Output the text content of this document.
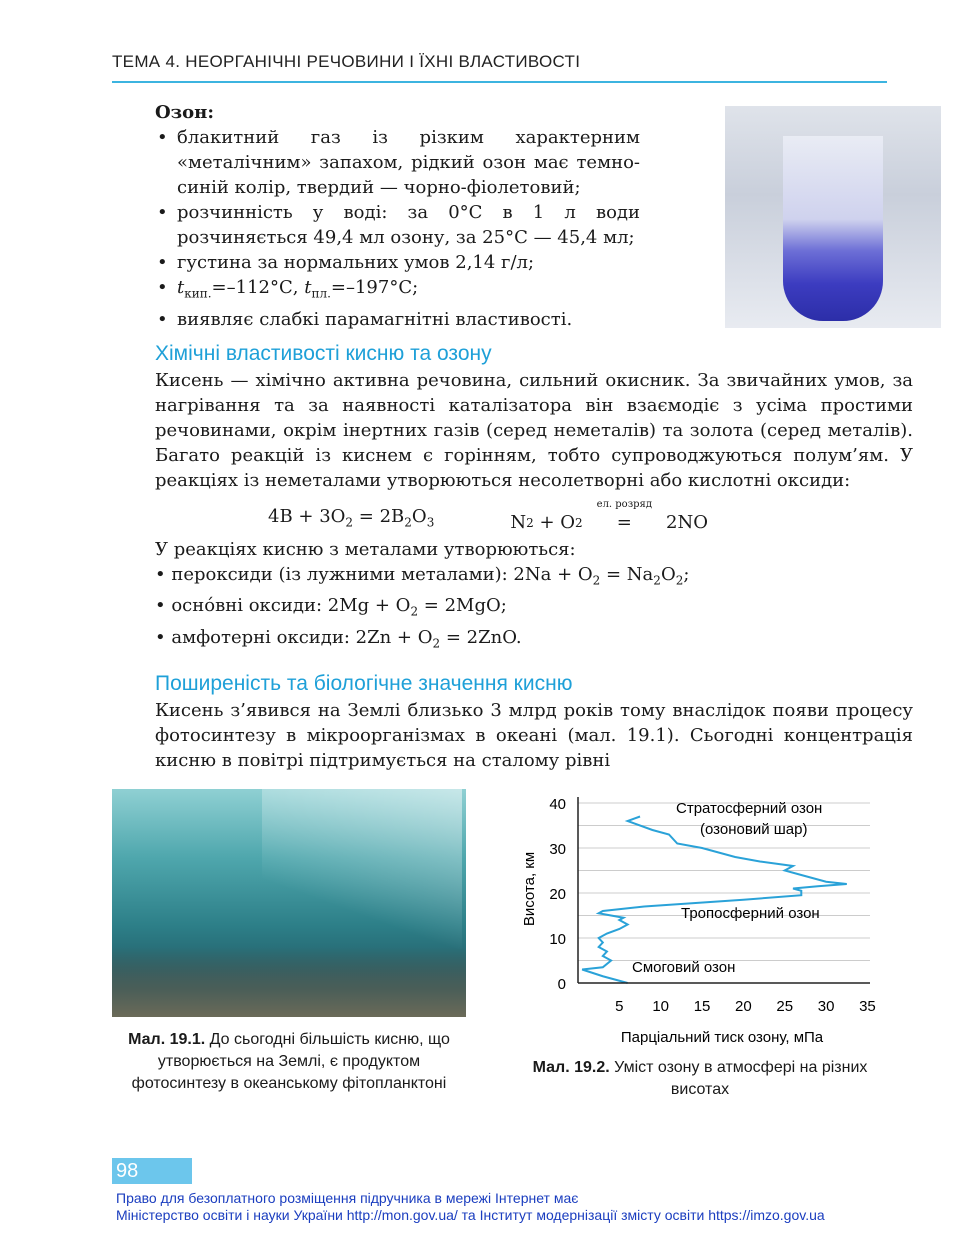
ТЕМА 4. НЕОРГАНІЧНІ РЕЧОВИНИ І ЇХНІ ВЛАСТИВОСТІ
Озон:
• блакитний газ із різким характерним «металічним» запахом, рідкий озон має темно-синій колір, твердий — чорно-фіолетовий;
• розчинність у воді: за 0°С в 1 л води розчиняється 49,4 мл озону, за 25°С — 45,4 мл;
• густина за нормальних умов 2,14 г/л;
• $t_{кип.}=-112^\circ С$, $t_{пл.}=-197^\circ С$;
• виявляє слабкі парамагнітні властивості.
Хімічні властивості кисню та озону
Кисень — хімічно активна речовина, сильний окисник. За звичайних умов, за нагрівання та за наявності каталізатора він взаємодіє з усіма простими речовинами, окрім інертних газів (серед неметалів) та золота (серед металів). Багато реакцій із киснем є горінням, тобто супроводжуються полум’ям. У реакціях із неметалами утворюються несолетворні або кислотні оксиди:
$4B + 3O_2 = 2B_2O_3$	N 2 + O 2
ел. розряд
= 2NO
У реакціях кисню з металами утворюються:
• пероксиди (із лужними металами): $2Na + O_2 = Na_2O_2$;
• осно́вні оксиди: $2Mg + O_2 = 2MgO$;
• амфотерні оксиди: $2Zn + O_2 = 2ZnO$.
Поширеність та біологічне значення кисню
Кисень з’явився на Землі близько 3 млрд років тому внаслідок появи процесу фотосинтезу в мікроорганізмах в океані (мал. 19.1). Сьогодні концентрація кисню в повітрі підтримується на сталому рівні
Мал. 19.1. До сьогодні більшість кисню, що утворюється на Землі, є продуктом фотосинтезу в океанському фітопланктоні
5 10 15 20 25 30 35
0
10
20
30
40	Стратосферний озон
(озоновий шар)
Тропосферний озон
Смоговий озон
Висота, км
Парціальний тиск озону, мПа
Мал. 19.2. Уміст озону в атмосфері на різних висотах
98
Право для безоплатного розміщення підручника в мережі Інтернет має
Міністерство освіти і науки України http://mon.gov.ua/ та Інститут модернізації змісту освіти https://imzo.gov.ua
